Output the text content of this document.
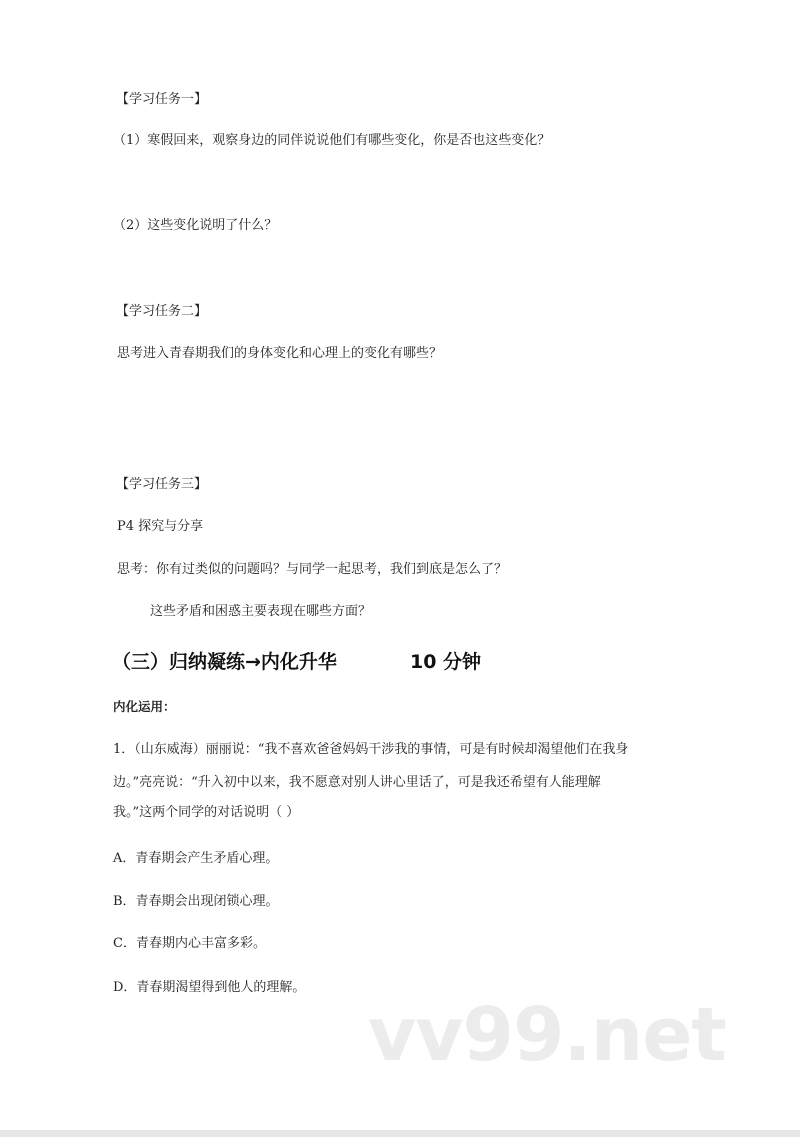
【学习任务一】
（1）寒假回来，观察身边的同伴说说他们有哪些变化，你是否也这些变化？
（2）这些变化说明了什么？
【学习任务二】
思考进入青春期我们的身体变化和心理上的变化有哪些？
【学习任务三】
P4 探究与分享
思考：你有过类似的问题吗？与同学一起思考，我们到底是怎么了？
这些矛盾和困惑主要表现在哪些方面？
（三）归纳凝练→内化升华	10 分钟
内化运用：
1．（山东威海）丽丽说：“我不喜欢爸爸妈妈干涉我的事情，可是有时候却渴望他们在我身
边。”亮亮说：“升入初中以来，我不愿意对别人讲心里话了，可是我还希望有人能理解
我。”这两个同学的对话说明（ ）
A．青春期会产生矛盾心理。
B．青春期会出现闭锁心理。
C．青春期内心丰富多彩。
D．青春期渴望得到他人的理解。
vv99.net
